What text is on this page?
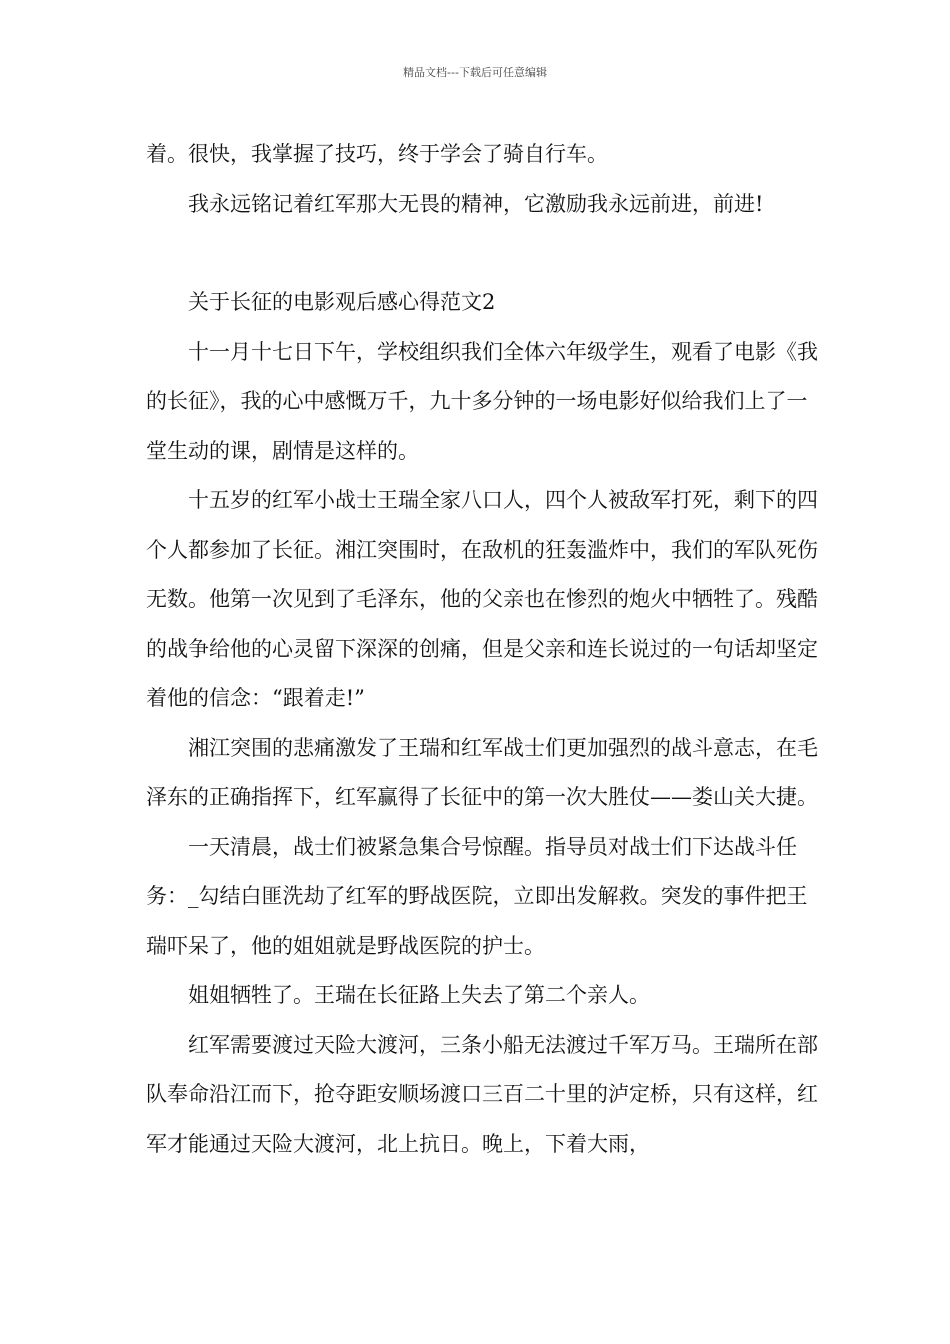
精品文档---下载后可任意编辑

着。很快，我掌握了技巧，终于学会了骑自行车。

我永远铭记着红军那大无畏的精神，它激励我永远前进，前进!

关于长征的电影观后感心得范文2

十一月十七日下午，学校组织我们全体六年级学生，观看了电影《我的长征》，我的心中感慨万千，九十多分钟的一场电影好似给我们上了一堂生动的课，剧情是这样的。

十五岁的红军小战士王瑞全家八口人，四个人被敌军打死，剩下的四个人都参加了长征。湘江突围时，在敌机的狂轰滥炸中，我们的军队死伤无数。他第一次见到了毛泽东，他的父亲也在惨烈的炮火中牺牲了。残酷的战争给他的心灵留下深深的创痛，但是父亲和连长说过的一句话却坚定着他的信念：“跟着走!”

湘江突围的悲痛激发了王瑞和红军战士们更加强烈的战斗意志，在毛泽东的正确指挥下，红军赢得了长征中的第一次大胜仗——娄山关大捷。

一天清晨，战士们被紧急集合号惊醒。指导员对战士们下达战斗任务：_勾结白匪洗劫了红军的野战医院，立即出发解救。突发的事件把王瑞吓呆了，他的姐姐就是野战医院的护士。

姐姐牺牲了。王瑞在长征路上失去了第二个亲人。

红军需要渡过天险大渡河，三条小船无法渡过千军万马。王瑞所在部队奉命沿江而下，抢夺距安顺场渡口三百二十里的泸定桥，只有这样，红军才能通过天险大渡河，北上抗日。晚上，下着大雨，
